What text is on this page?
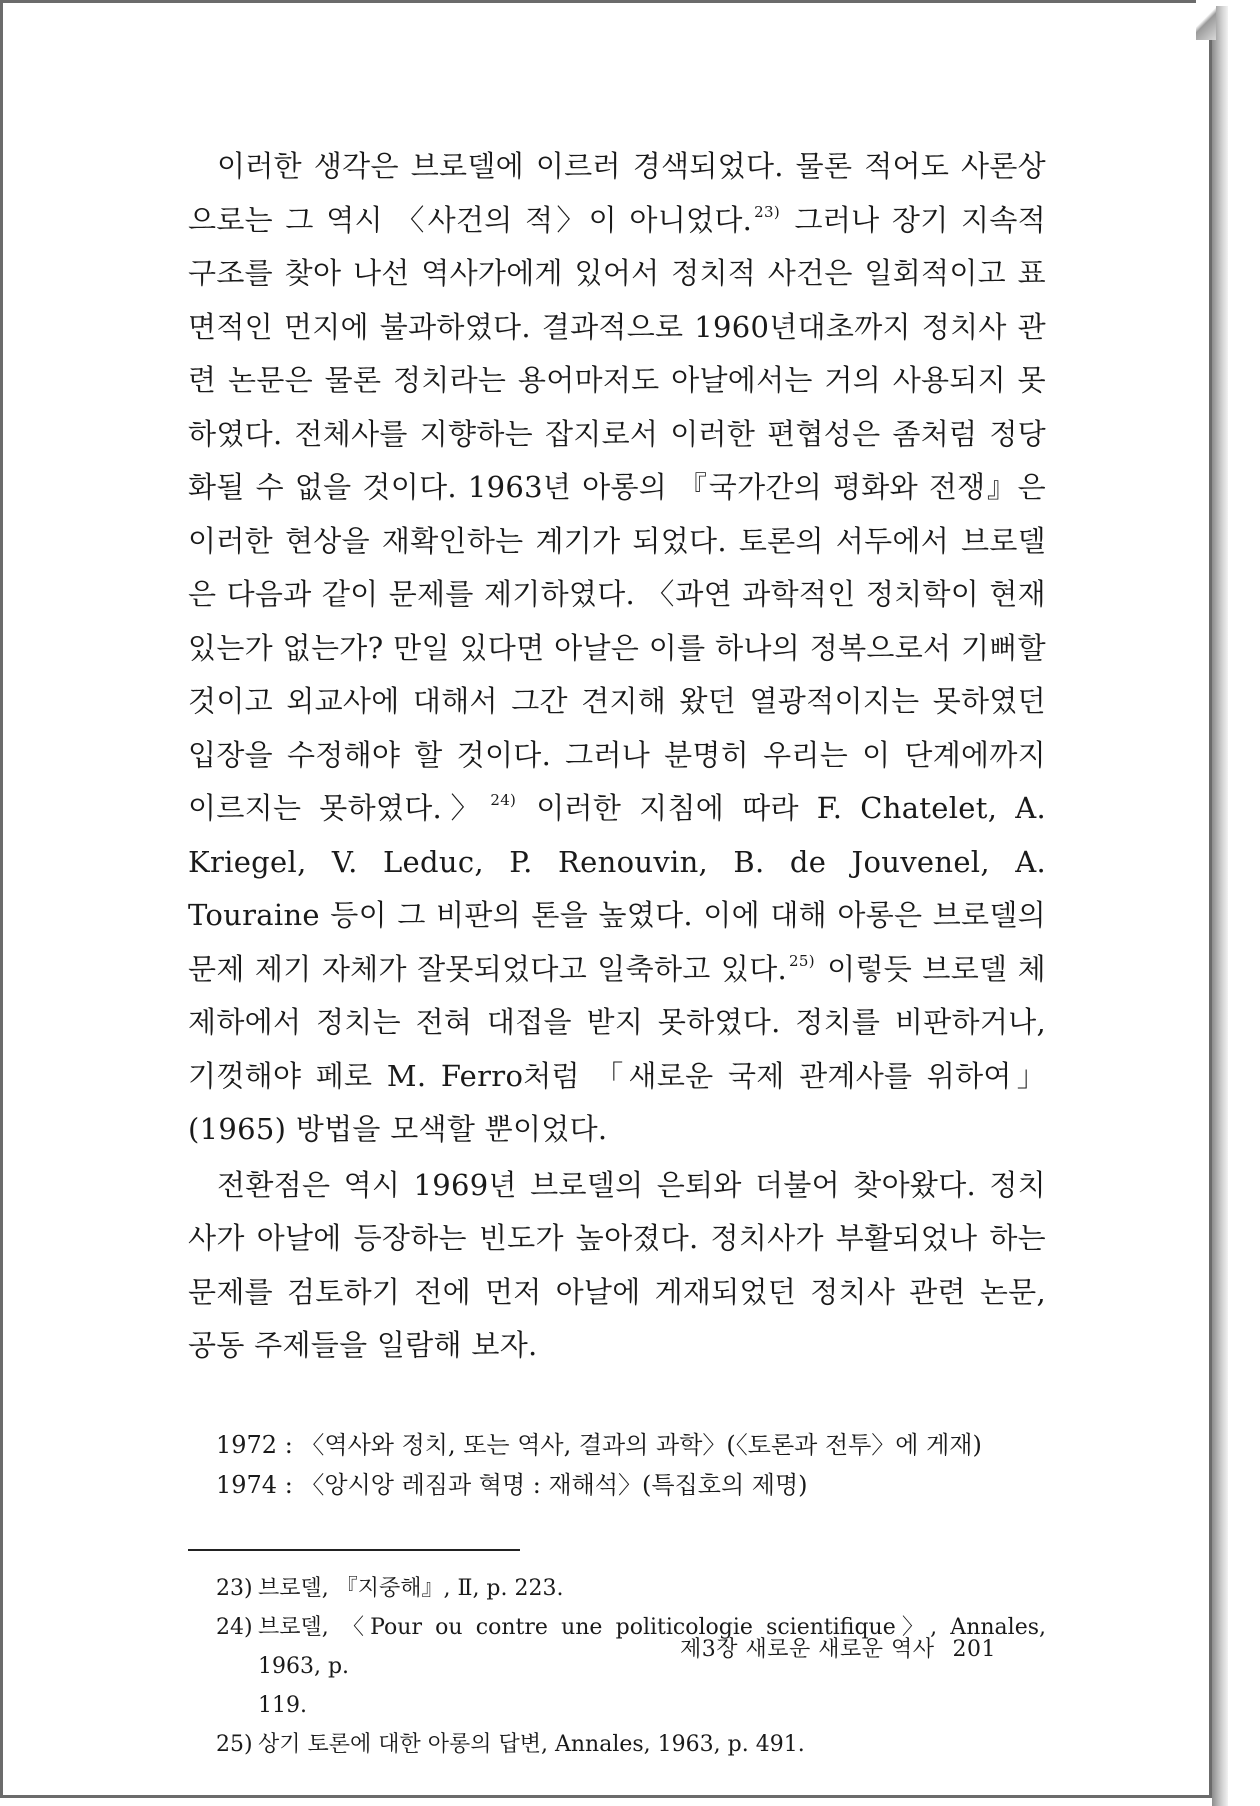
이러한 생각은 브로델에 이르러 경색되었다. 물론 적어도 사론상으로는 그 역시 〈사건의 적〉이 아니었다. $^{23)}$ 그러나 장기 지속적 구조를 찾아 나선 역사가에게 있어서 정치적 사건은 일회적이고 표면적인 먼지에 불과하였다. 결과적으로 1960년대초까지 정치사 관련 논문은 물론 정치라는 용어마저도 아날에서는 거의 사용되지 못하였다. 전체사를 지향하는 잡지로서 이러한 편협성은 좀처럼 정당화될 수 없을 것이다. 1963년 아롱의 『국가간의 평화와 전쟁』은 이러한 현상을 재확인하는 계기가 되었다. 토론의 서두에서 브로델은 다음과 같이 문제를 제기하였다. 〈과연 과학적인 정치학이 현재 있는가 없는가? 만일 있다면 아날은 이를 하나의 정복으로서 기뻐할 것이고 외교사에 대해서 그간 견지해 왔던 열광적이지는 못하였던 입장을 수정해야 할 것이다. 그러나 분명히 우리는 이 단계에까지 이르지는 못하였다.〉 $^{24)}$ 이러한 지침에 따라 F. Chatelet, A. Kriegel, V. Leduc, P. Renouvin, B. de Jouvenel, A. Touraine 등이 그 비판의 톤을 높였다. 이에 대해 아롱은 브로델의 문제 제기 자체가 잘못되었다고 일축하고 있다. $^{25)}$ 이렇듯 브로델 체제하에서 정치는 전혀 대접을 받지 못하였다. 정치를 비판하거나, 기껏해야 페로 M. Ferro처럼 「새로운 국제 관계사를 위하여」(1965) 방법을 모색할 뿐이었다.

전환점은 역시 1969년 브로델의 은퇴와 더불어 찾아왔다. 정치사가 아날에 등장하는 빈도가 높아졌다. 정치사가 부활되었나 하는 문제를 검토하기 전에 먼저 아날에 게재되었던 정치사 관련 논문, 공동 주제들을 일람해 보자.

1972 : 〈역사와 정치, 또는 역사, 결과의 과학〉(〈토론과 전투〉에 게재)
1974 : 〈앙시앙 레짐과 혁명 : 재해석〉(특집호의 제명)
23) 브로델, 『지중해』, Ⅱ, p. 223.
24) 브로델, 〈Pour ou contre une politicologie scientifique〉, Annales, 1963, p.
119.
25) 상기 토론에 대한 아롱의 답변, Annales, 1963, p. 491.
제3장 새로운 새로운 역사 201
